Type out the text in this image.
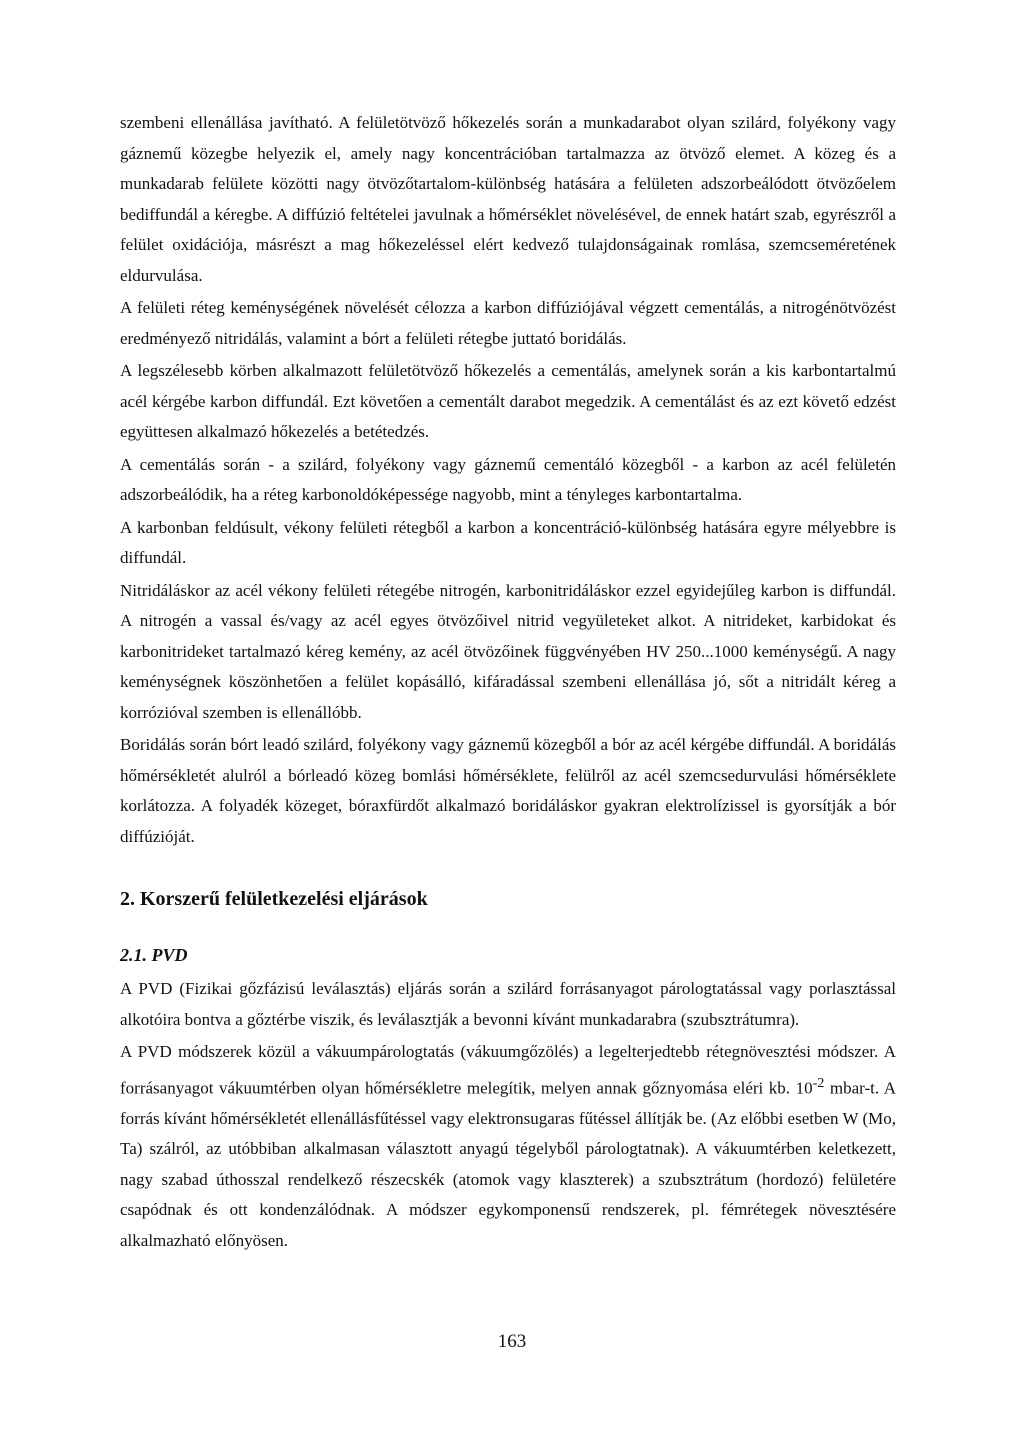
szembeni ellenállása javítható. A felületötvöző hőkezelés során a munkadarabot olyan szilárd, folyékony vagy gáznemű közegbe helyezik el, amely nagy koncentrációban tartalmazza az ötvöző elemet. A közeg és a munkadarab felülete közötti nagy ötvözőtartalom-különbség hatására a felületen adszorbeálódott ötvözőelem bediffundál a kéregbe. A diffúzió feltételei javulnak a hőmérséklet növelésével, de ennek határt szab, egyrészről a felület oxidációja, másrészt a mag hőkezeléssel elért kedvező tulajdonságainak romlása, szemcseméretének eldurvulása.

A felületi réteg keménységének növelését célozza a karbon diffúziójával végzett cementálás, a nitrogénötvözést eredményező nitridálás, valamint a bórt a felületi rétegbe juttató boridálás.

A legszélesebb körben alkalmazott felületötvöző hőkezelés a cementálás, amelynek során a kis karbontartalmú acél kérgébe karbon diffundál. Ezt követően a cementált darabot megedzik. A cementálást és az ezt követő edzést együttesen alkalmazó hőkezelés a betétedzés.

A cementálás során - a szilárd, folyékony vagy gáznemű cementáló közegből - a karbon az acél felületén adszorbeálódik, ha a réteg karbonoldóképessége nagyobb, mint a tényleges karbontartalma.

A karbonban feldúsult, vékony felületi rétegből a karbon a koncentráció-különbség hatására egyre mélyebbre is diffundál.

Nitridáláskor az acél vékony felületi rétegébe nitrogén, karbonitridáláskor ezzel egyidejűleg karbon is diffundál. A nitrogén a vassal és/vagy az acél egyes ötvözőivel nitrid vegyületeket alkot. A nitrideket, karbidokat és karbonitrideket tartalmazó kéreg kemény, az acél ötvözőinek függvényében HV 250...1000 keménységű. A nagy keménységnek köszönhetően a felület kopásálló, kifáradással szembeni ellenállása jó, sőt a nitridált kéreg a korrózióval szemben is ellenállóbb.

Boridálás során bórt leadó szilárd, folyékony vagy gáznemű közegből a bór az acél kérgébe diffundál. A boridálás hőmérsékletét alulról a bórleadó közeg bomlási hőmérséklete, felülről az acél szemcsedurvulási hőmérséklete korlátozza. A folyadék közeget, bóraxfürdőt alkalmazó boridáláskor gyakran elektrolízissel is gyorsítják a bór diffúzióját.

2. Korszerű felületkezelési eljárások
2.1. PVD

A PVD (Fizikai gőzfázisú leválasztás) eljárás során a szilárd forrásanyagot párologtatással vagy porlasztással alkotóira bontva a gőztérbe viszik, és leválasztják a bevonni kívánt munkadarabra (szubsztrátumra).

A PVD módszerek közül a vákuumpárologtatás (vákuumgőzölés) a legelterjedtebb rétegnövesztési módszer. A forrásanyagot vákuumtérben olyan hőmérsékletre melegítik, melyen annak gőznyomása eléri kb. $10^{-2}$ mbar-t. A forrás kívánt hőmérsékletét ellenállásfűtéssel vagy elektronsugaras fűtéssel állítják be. (Az előbbi esetben W (Mo, Ta) szálról, az utóbbiban alkalmasan választott anyagú tégelyből párologtatnak). A vákuumtérben keletkezett, nagy szabad úthosszal rendelkező részecskék (atomok vagy klaszterek) a szubsztrátum (hordozó) felületére csapódnak és ott kondenzálódnak. A módszer egykomponensű rendszerek, pl. fémrétegek növesztésére alkalmazható előnyösen.

163
